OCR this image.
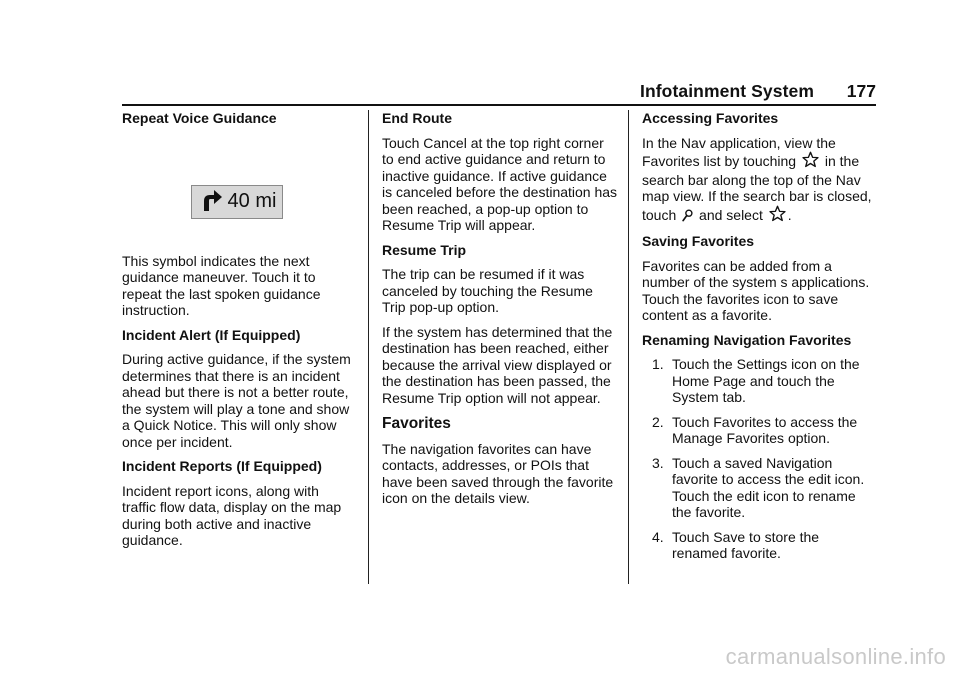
Infotainment System 177
Repeat Voice Guidance
40 mi

This symbol indicates the next guidance maneuver. Touch it to repeat the last spoken guidance instruction.

Incident Alert (If Equipped)

During active guidance, if the system determines that there is an incident ahead but there is not a better route, the system will play a tone and show a Quick Notice. This will only show once per incident.

Incident Reports (If Equipped)

Incident report icons, along with traffic flow data, display on the map during both active and inactive guidance.

End Route

Touch Cancel at the top right corner to end active guidance and return to inactive guidance. If active guidance is canceled before the destination has been reached, a pop-up option to Resume Trip will appear.

Resume Trip

The trip can be resumed if it was canceled by touching the Resume Trip pop-up option.

If the system has determined that the destination has been reached, either because the arrival view displayed or the destination has been passed, the Resume Trip option will not appear.

Favorites

The navigation favorites can have contacts, addresses, or POIs that have been saved through the favorite icon on the details view.

Accessing Favorites

In the Nav application, view the Favorites list by touching in the search bar along the top of the Nav map view. If the search bar is closed, touch and select .

Saving Favorites

Favorites can be added from a number of the system s applications. Touch the favorites icon to save content as a favorite.

Renaming Navigation Favorites
1. Touch the Settings icon on the Home Page and touch the System tab.
2. Touch Favorites to access the Manage Favorites option.
3. Touch a saved Navigation favorite to access the edit icon. Touch the edit icon to rename the favorite.
4. Touch Save to store the renamed favorite.
carmanualsonline.info
